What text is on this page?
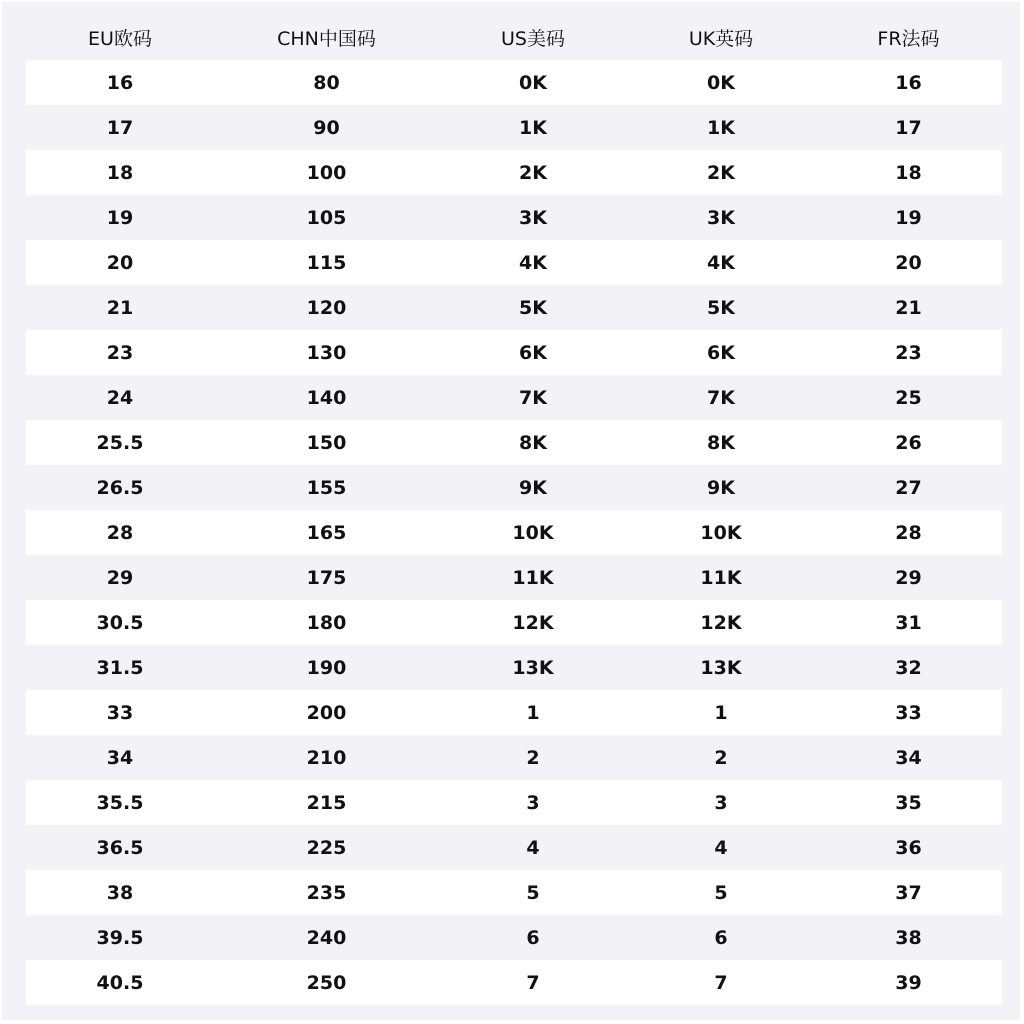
EU欧码	CHN中国码	US美码	UK英码	FR法码
16	80	0K	0K	16
17	90	1K	1K	17
18	100	2K	2K	18
19	105	3K	3K	19
20	115	4K	4K	20
21	120	5K	5K	21
23	130	6K	6K	23
24	140	7K	7K	25
25.5	150	8K	8K	26
26.5	155	9K	9K	27
28	165	10K	10K	28
29	175	11K	11K	29
30.5	180	12K	12K	31
31.5	190	13K	13K	32
33	200	1	1	33
34	210	2	2	34
35.5	215	3	3	35
36.5	225	4	4	36
38	235	5	5	37
39.5	240	6	6	38
40.5	250	7	7	39
